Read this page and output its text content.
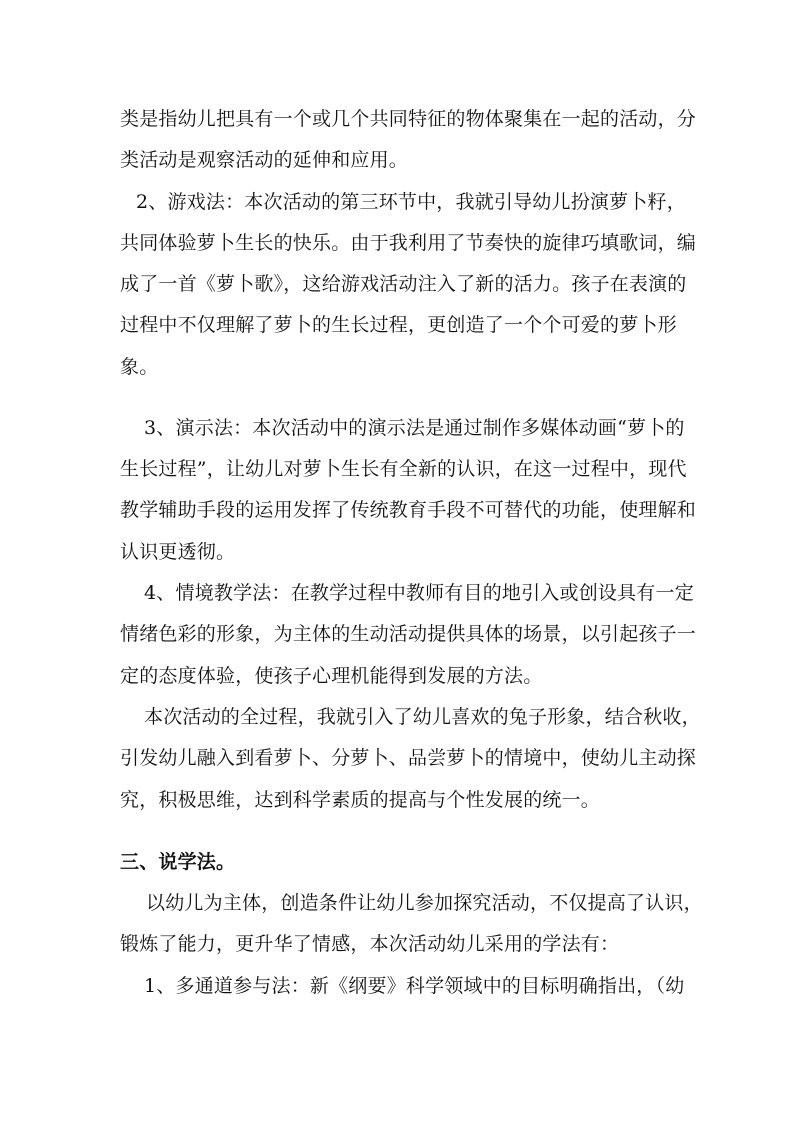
类是指幼儿把具有一个或几个共同特征的物体聚集在一起的活动，分
类活动是观察活动的延伸和应用。
2、游戏法：本次活动的第三环节中，我就引导幼儿扮演萝卜籽，
共同体验萝卜生长的快乐。由于我利用了节奏快的旋律巧填歌词，编
成了一首《萝卜歌》，这给游戏活动注入了新的活力。孩子在表演的
过程中不仅理解了萝卜的生长过程，更创造了一个个可爱的萝卜形
象。
3、演示法：本次活动中的演示法是通过制作多媒体动画“萝卜的
生长过程”，让幼儿对萝卜生长有全新的认识，在这一过程中，现代
教学辅助手段的运用发挥了传统教育手段不可替代的功能，使理解和
认识更透彻。
4、情境教学法：在教学过程中教师有目的地引入或创设具有一定
情绪色彩的形象，为主体的生动活动提供具体的场景，以引起孩子一
定的态度体验，使孩子心理机能得到发展的方法。
本次活动的全过程，我就引入了幼儿喜欢的兔子形象，结合秋收，
引发幼儿融入到看萝卜、分萝卜、品尝萝卜的情境中，使幼儿主动探
究，积极思维，达到科学素质的提高与个性发展的统一。
三、说学法。
以幼儿为主体，创造条件让幼儿参加探究活动，不仅提高了认识，
锻炼了能力，更升华了情感，本次活动幼儿采用的学法有：
1、多通道参与法：新《纲要》科学领域中的目标明确指出，（幼
